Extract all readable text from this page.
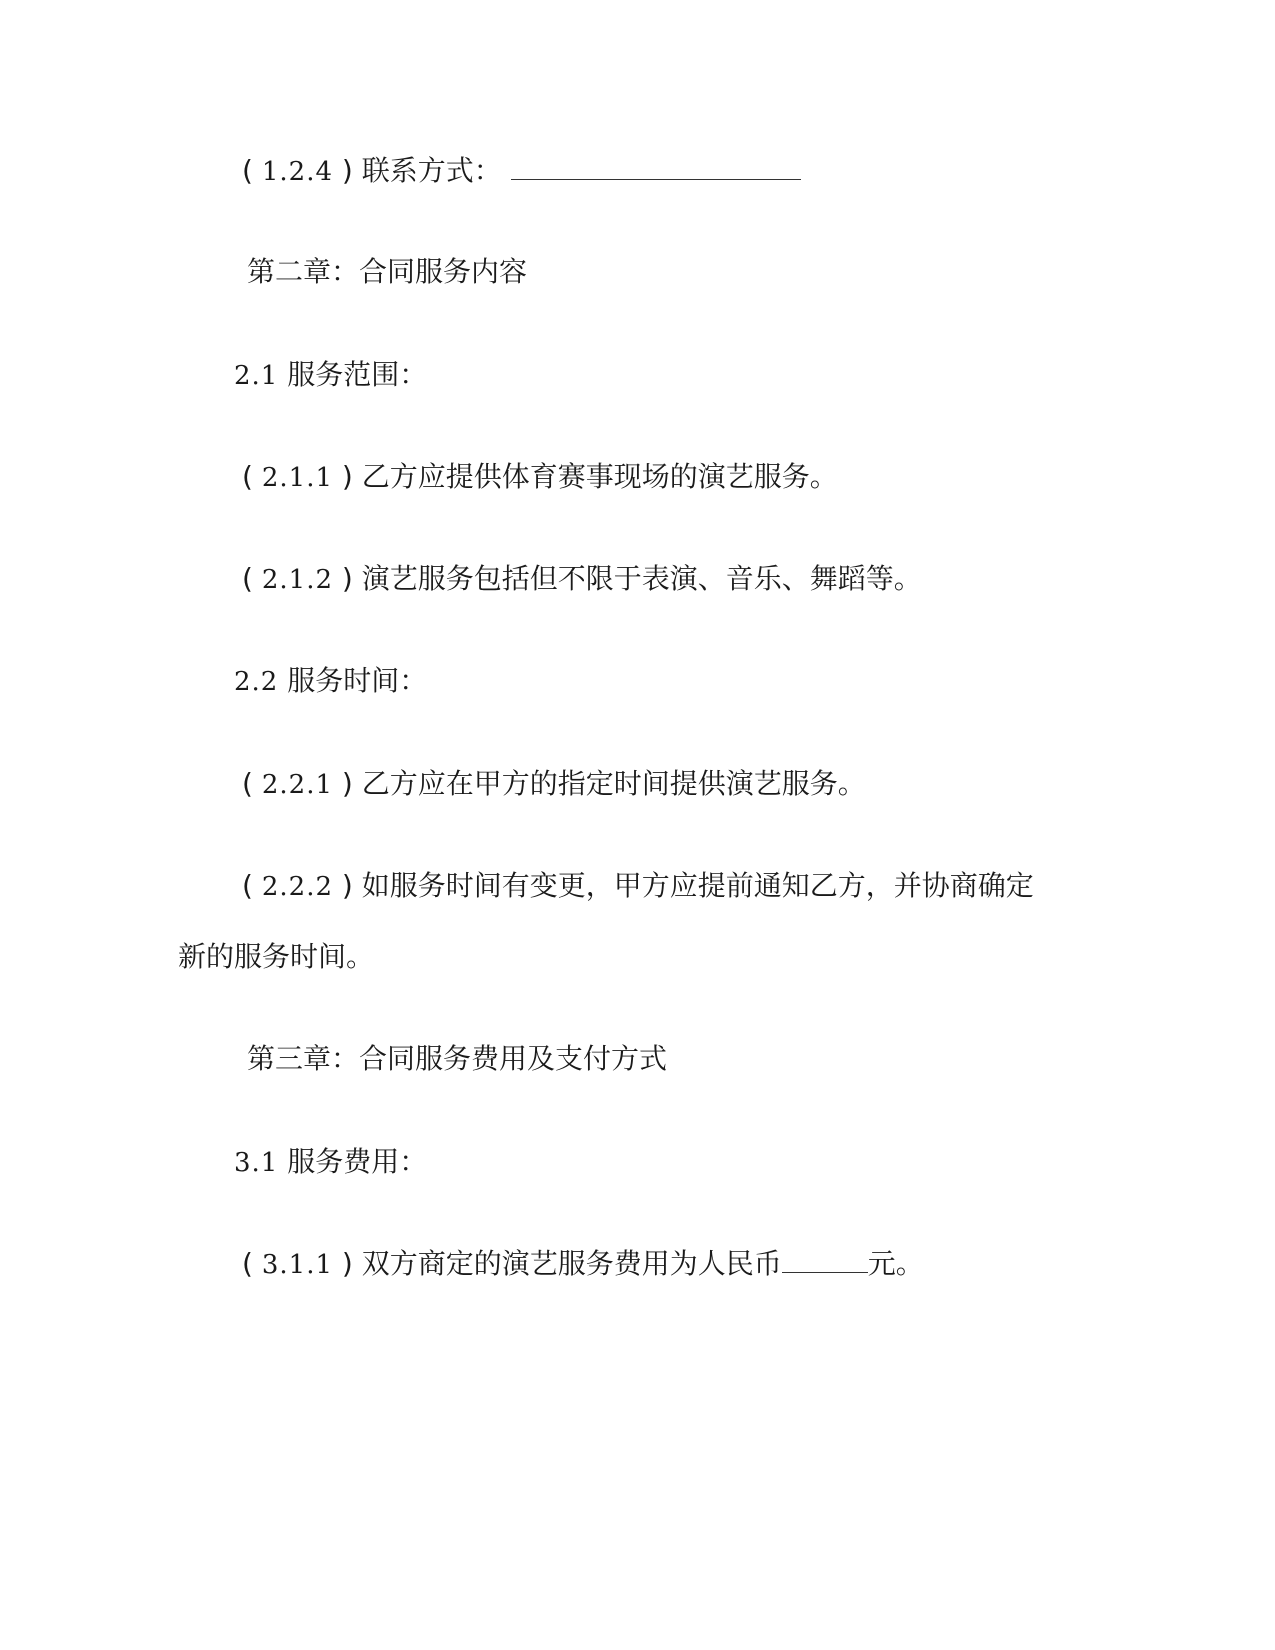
( 1.2.4 ) 联系方式：
第二章：合同服务内容
2.1 服务范围：
( 2.1.1 ) 乙方应提供体育赛事现场的演艺服务。
( 2.1.2 ) 演艺服务包括但不限于表演、音乐、舞蹈等。
2.2 服务时间：
( 2.2.1 ) 乙方应在甲方的指定时间提供演艺服务。
( 2.2.2 ) 如服务时间有变更，甲方应提前通知乙方，并协商确定
新的服务时间。
第三章：合同服务费用及支付方式
3.1 服务费用：
( 3.1.1 ) 双方商定的演艺服务费用为人民币	元。
